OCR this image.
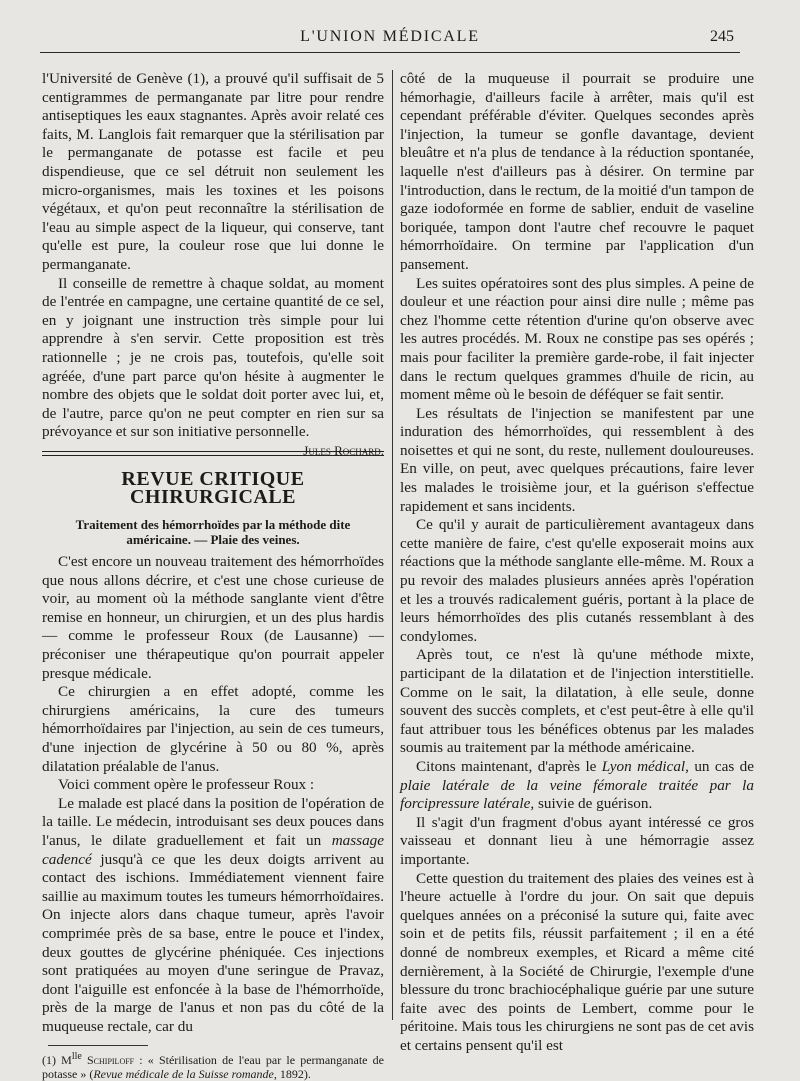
L'UNION MÉDICALE	245

l'Université de Genève (1), a prouvé qu'il suffisait de 5 centigrammes de permanganate par litre pour rendre antiseptiques les eaux stagnantes. Après avoir relaté ces faits, M. Langlois fait remarquer que la stérilisation par le permanganate de potasse est facile et peu dispendieuse, que ce sel détruit non seulement les micro-organismes, mais les toxines et les poisons végétaux, et qu'on peut reconnaître la stérilisation de l'eau au simple aspect de la liqueur, qui conserve, tant qu'elle est pure, la couleur rose que lui donne le permanganate.

Il conseille de remettre à chaque soldat, au moment de l'entrée en campagne, une certaine quantité de ce sel, en y joignant une instruction très simple pour lui apprendre à s'en servir. Cette proposition est très rationnelle ; je ne crois pas, toutefois, qu'elle soit agréée, d'une part parce qu'on hésite à augmenter le nombre des objets que le soldat doit porter avec lui, et, de l'autre, parce qu'on ne peut compter en rien sur sa prévoyance et sur son initiative personnelle.
Jules Rochard.

REVUE CRITIQUE CHIRURGICALE
Traitement des hémorrhoïdes par la méthode dite américaine. — Plaie des veines.

C'est encore un nouveau traitement des hémorrhoïdes que nous allons décrire, et c'est une chose curieuse de voir, au moment où la méthode sanglante vient d'être remise en honneur, un chirurgien, et un des plus hardis — comme le professeur Roux (de Lausanne) — préconiser une thérapeutique qu'on pourrait appeler presque médicale.

Ce chirurgien a en effet adopté, comme les chirurgiens américains, la cure des tumeurs hémorrhoïdaires par l'injection, au sein de ces tumeurs, d'une injection de glycérine à 50 ou 80 %, après dilatation préalable de l'anus.

Voici comment opère le professeur Roux :

Le malade est placé dans la position de l'opération de la taille. Le médecin, introduisant ses deux pouces dans l'anus, le dilate graduellement et fait un massage cadencé jusqu'à ce que les deux doigts arrivent au contact des ischions. Immédiatement viennent faire saillie au maximum toutes les tumeurs hémorrhoïdaires. On injecte alors dans chaque tumeur, après l'avoir comprimée près de sa base, entre le pouce et l'index, deux gouttes de glycérine phéniquée. Ces injections sont pratiquées au moyen d'une seringue de Pravaz, dont l'aiguille est enfoncée à la base de l'hémorrhoïde, près de la marge de l'anus et non pas du côté de la muqueuse rectale, car du

(1) $M^{lle}$ Schipiloff : « Stérilisation de l'eau par le permanganate de potasse » (Revue médicale de la Suisse romande, 1892).

côté de la muqueuse il pourrait se produire une hémorhagie, d'ailleurs facile à arrêter, mais qu'il est cependant préférable d'éviter. Quelques secondes après l'injection, la tumeur se gonfle davantage, devient bleuâtre et n'a plus de tendance à la réduction spontanée, laquelle n'est d'ailleurs pas à désirer. On termine par l'introduction, dans le rectum, de la moitié d'un tampon de gaze iodoformée en forme de sablier, enduit de vaseline boriquée, tampon dont l'autre chef recouvre le paquet hémorrhoïdaire. On termine par l'application d'un pansement.

Les suites opératoires sont des plus simples. A peine de douleur et une réaction pour ainsi dire nulle ; même pas chez l'homme cette rétention d'urine qu'on observe avec les autres procédés. M. Roux ne constipe pas ses opérés ; mais pour faciliter la première garde-robe, il fait injecter dans le rectum quelques grammes d'huile de ricin, au moment même où le besoin de déféquer se fait sentir.

Les résultats de l'injection se manifestent par une induration des hémorrhoïdes, qui ressemblent à des noisettes et qui ne sont, du reste, nullement douloureuses. En ville, on peut, avec quelques précautions, faire lever les malades le troisième jour, et la guérison s'effectue rapidement et sans incidents.

Ce qu'il y aurait de particulièrement avantageux dans cette manière de faire, c'est qu'elle exposerait moins aux réactions que la méthode sanglante elle-même. M. Roux a pu revoir des malades plusieurs années après l'opération et les a trouvés radicalement guéris, portant à la place de leurs hémorrhoïdes des plis cutanés ressemblant à des condylomes.

Après tout, ce n'est là qu'une méthode mixte, participant de la dilatation et de l'injection interstitielle. Comme on le sait, la dilatation, à elle seule, donne souvent des succès complets, et c'est peut-être à elle qu'il faut attribuer tous les bénéfices obtenus par les malades soumis au traitement par la méthode américaine.

Citons maintenant, d'après le Lyon médical, un cas de plaie latérale de la veine fémorale traitée par la forcipressure latérale, suivie de guérison.

Il s'agit d'un fragment d'obus ayant intéressé ce gros vaisseau et donnant lieu à une hémorragie assez importante.

Cette question du traitement des plaies des veines est à l'heure actuelle à l'ordre du jour. On sait que depuis quelques années on a préconisé la suture qui, faite avec soin et de petits fils, réussit parfaitement ; il en a été donné de nombreux exemples, et Ricard a même cité dernièrement, à la Société de Chirurgie, l'exemple d'une blessure du tronc brachiocéphalique guérie par une suture faite avec des points de Lembert, comme pour le péritoine. Mais tous les chirurgiens ne sont pas de cet avis et certains pensent qu'il est
